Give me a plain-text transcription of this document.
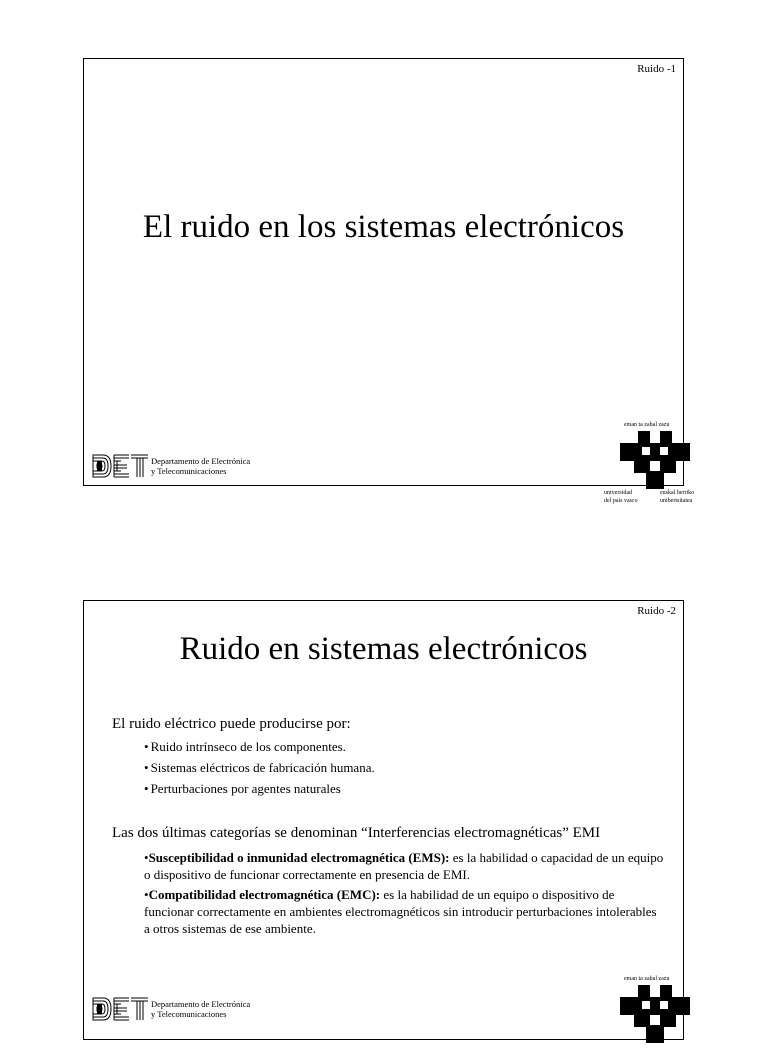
Ruido -1
El ruido en los sistemas electrónicos
Departamento de Electrónica
y Telecomunicaciones
eman ta zabal zazu
universidad
del país vasco
euskal herriko
unibertsitatea
Ruido -2
Ruido en sistemas electrónicos
El ruido eléctrico puede producirse por:
• Ruido intrínseco de los componentes.
• Sistemas eléctricos de fabricación humana.
• Perturbaciones por agentes naturales
Las dos últimas categorías se denominan “Interferencias electromagnéticas” EMI
• Susceptibilidad o inmunidad electromagnética (EMS): es la habilidad o capacidad de un equipo o dispositivo de funcionar correctamente en presencia de EMI.
• Compatibilidad electromagnética (EMC): es la habilidad de un equipo o dispositivo de funcionar correctamente en ambientes electromagnéticos sin introducir perturbaciones intolerables a otros sistemas de ese ambiente.
Departamento de Electrónica
y Telecomunicaciones
eman ta zabal zazu
